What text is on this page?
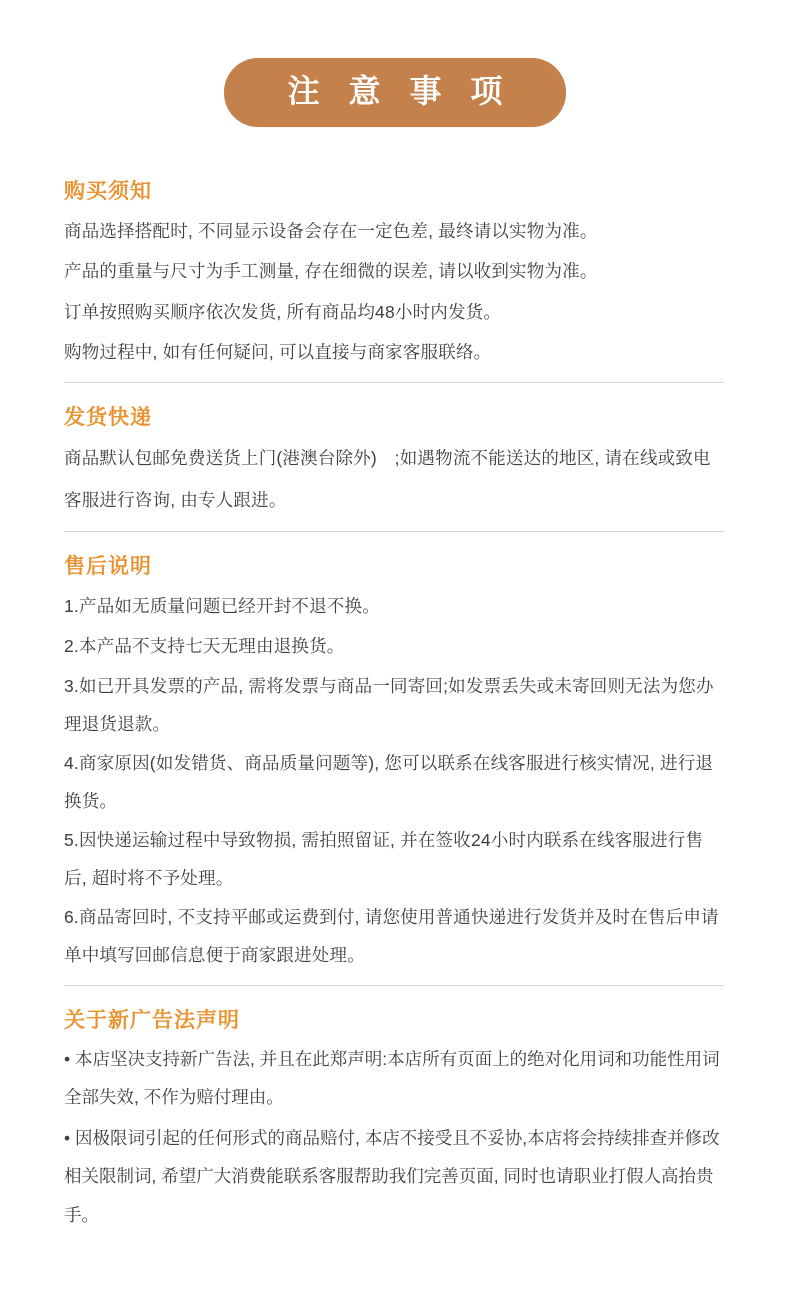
注 意 事 项
购买须知

商品选择搭配时, 不同显示设备会存在一定色差, 最终请以实物为准。

产品的重量与尺寸为手工测量, 存在细微的误差, 请以收到实物为准。

订单按照购买顺序依次发货, 所有商品均48小时内发货。

购物过程中, 如有任何疑问, 可以直接与商家客服联络。

发货快递

商品默认包邮免费送货上门(港澳台除外)　;如遇物流不能送达的地区, 请在线或致电客服进行咨询, 由专人跟进。

售后说明

1.产品如无质量问题已经开封不退不换。

2.本产品不支持七天无理由退换货。

3.如已开具发票的产品, 需将发票与商品一同寄回;如发票丢失或未寄回则无法为您办理退货退款。

4.商家原因(如发错货、商品质量问题等), 您可以联系在线客服进行核实情况, 进行退换货。

5.因快递运输过程中导致物损, 需拍照留证, 并在签收24小时内联系在线客服进行售后, 超时将不予处理。

6.商品寄回时, 不支持平邮或运费到付, 请您使用普通快递进行发货并及时在售后申请单中填写回邮信息便于商家跟进处理。

关于新广告法声明

• 本店坚决支持新广告法, 并且在此郑声明:本店所有页面上的绝对化用词和功能性用词全部失效, 不作为赔付理由。

• 因极限词引起的任何形式的商品赔付, 本店不接受且不妥协,本店将会持续排查并修改相关限制词, 希望广大消费能联系客服帮助我们完善页面, 同时也请职业打假人高抬贵手。
